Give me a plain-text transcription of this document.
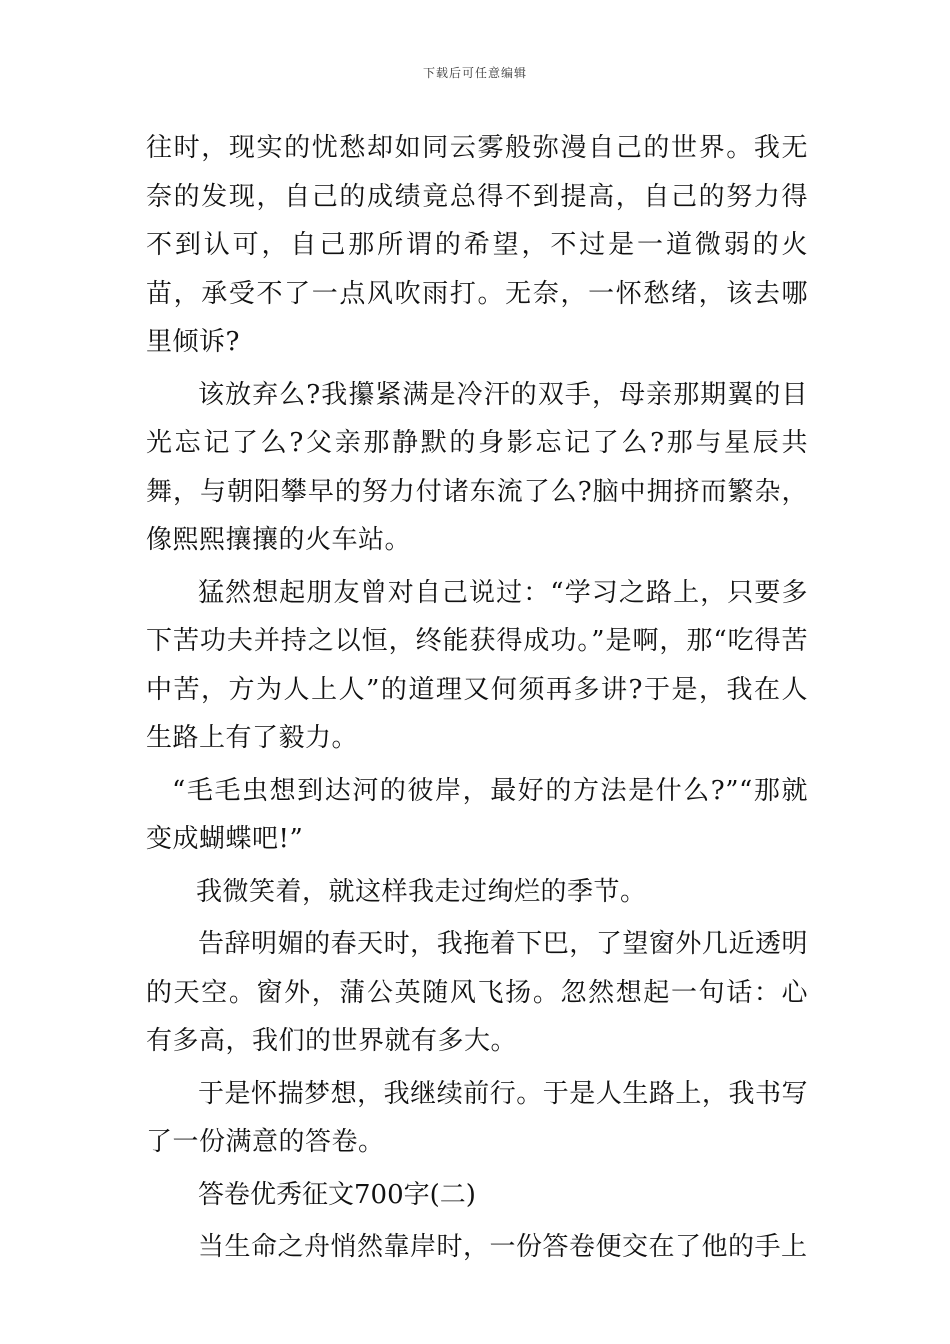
下载后可任意编辑

往时，现实的忧愁却如同云雾般弥漫自己的世界。我无奈的发现，自己的成绩竟总得不到提高，自己的努力得不到认可，自己那所谓的希望，不过是一道微弱的火苗，承受不了一点风吹雨打。无奈，一怀愁绪，该去哪里倾诉?

该放弃么?我攥紧满是冷汗的双手，母亲那期翼的目光忘记了么?父亲那静默的身影忘记了么?那与星辰共舞，与朝阳攀早的努力付诸东流了么?脑中拥挤而繁杂，像熙熙攘攘的火车站。

猛然想起朋友曾对自己说过：“学习之路上，只要多下苦功夫并持之以恒，终能获得成功。”是啊，那“吃得苦中苦，方为人上人”的道理又何须再多讲?于是，我在人生路上有了毅力。

“毛毛虫想到达河的彼岸，最好的方法是什么?”“那就变成蝴蝶吧!”

我微笑着，就这样我走过绚烂的季节。

告辞明媚的春天时，我拖着下巴，了望窗外几近透明的天空。窗外，蒲公英随风飞扬。忽然想起一句话：心有多高，我们的世界就有多大。

于是怀揣梦想，我继续前行。于是人生路上，我书写了一份满意的答卷。

答卷优秀征文700字(二)

当生命之舟悄然靠岸时，一份答卷便交在了他的手上
